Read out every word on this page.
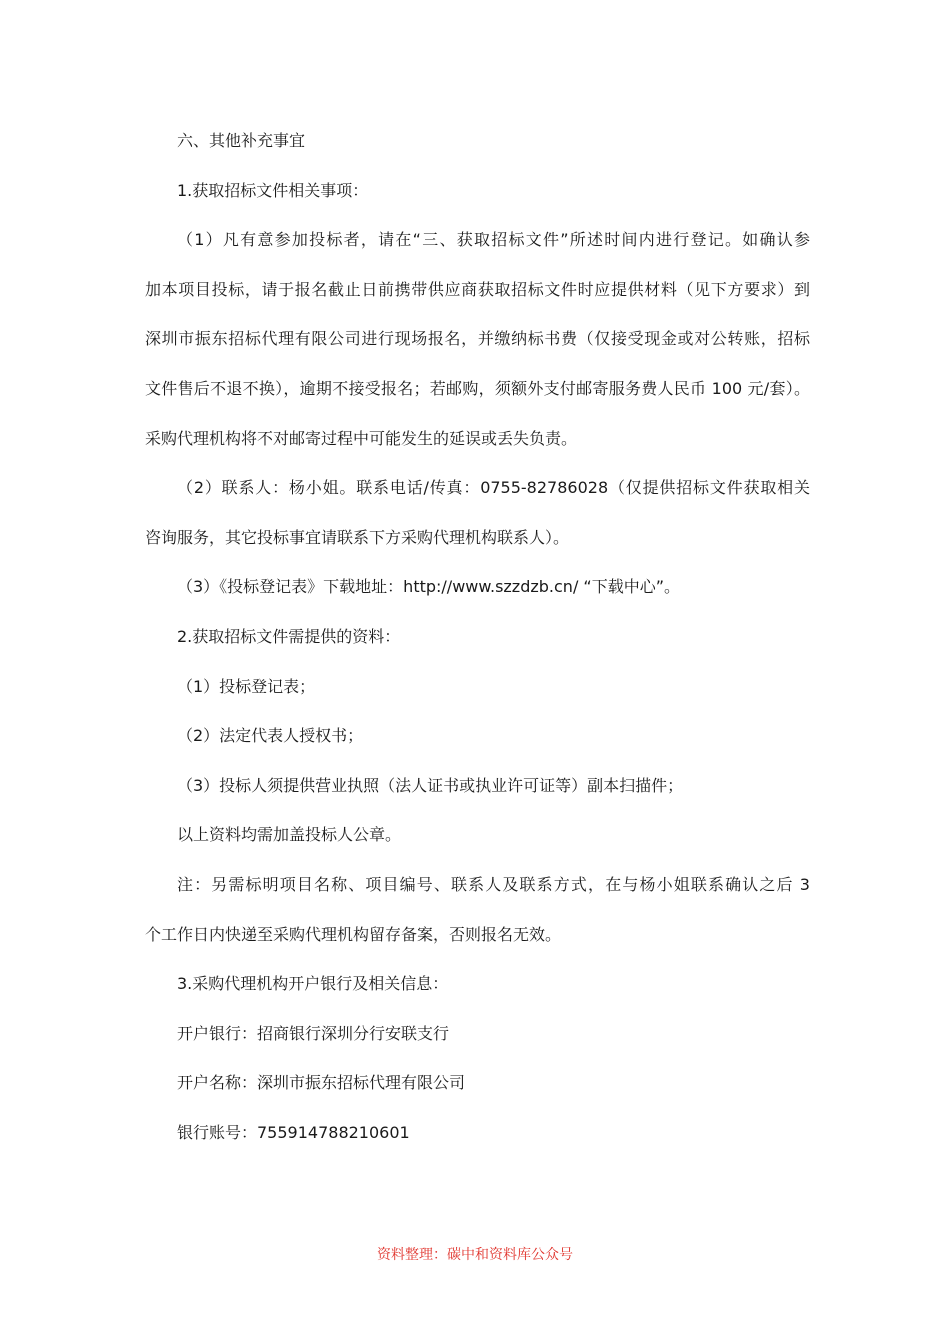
六、其他补充事宜
1.获取招标文件相关事项：
（1）凡有意参加投标者，请在“三、获取招标文件”所述时间内进行登记。如确认参
加本项目投标，请于报名截止日前携带供应商获取招标文件时应提供材料（见下方要求）到
深圳市振东招标代理有限公司进行现场报名，并缴纳标书费（仅接受现金或对公转账，招标
文件售后不退不换），逾期不接受报名；若邮购，须额外支付邮寄服务费人民币 100 元/套）。
采购代理机构将不对邮寄过程中可能发生的延误或丢失负责。
（2）联系人：杨小姐。联系电话/传真：0755-82786028（仅提供招标文件获取相关
咨询服务，其它投标事宜请联系下方采购代理机构联系人）。
（3）《投标登记表》下载地址：http://www.szzdzb.cn/ “下载中心”。
2.获取招标文件需提供的资料：
（1）投标登记表；
（2）法定代表人授权书；
（3）投标人须提供营业执照（法人证书或执业许可证等）副本扫描件；
以上资料均需加盖投标人公章。
注：另需标明项目名称、项目编号、联系人及联系方式，在与杨小姐联系确认之后 3
个工作日内快递至采购代理机构留存备案，否则报名无效。
3.采购代理机构开户银行及相关信息：
开户银行：招商银行深圳分行安联支行
开户名称：深圳市振东招标代理有限公司
银行账号：755914788210601
资料整理：碳中和资料库公众号
